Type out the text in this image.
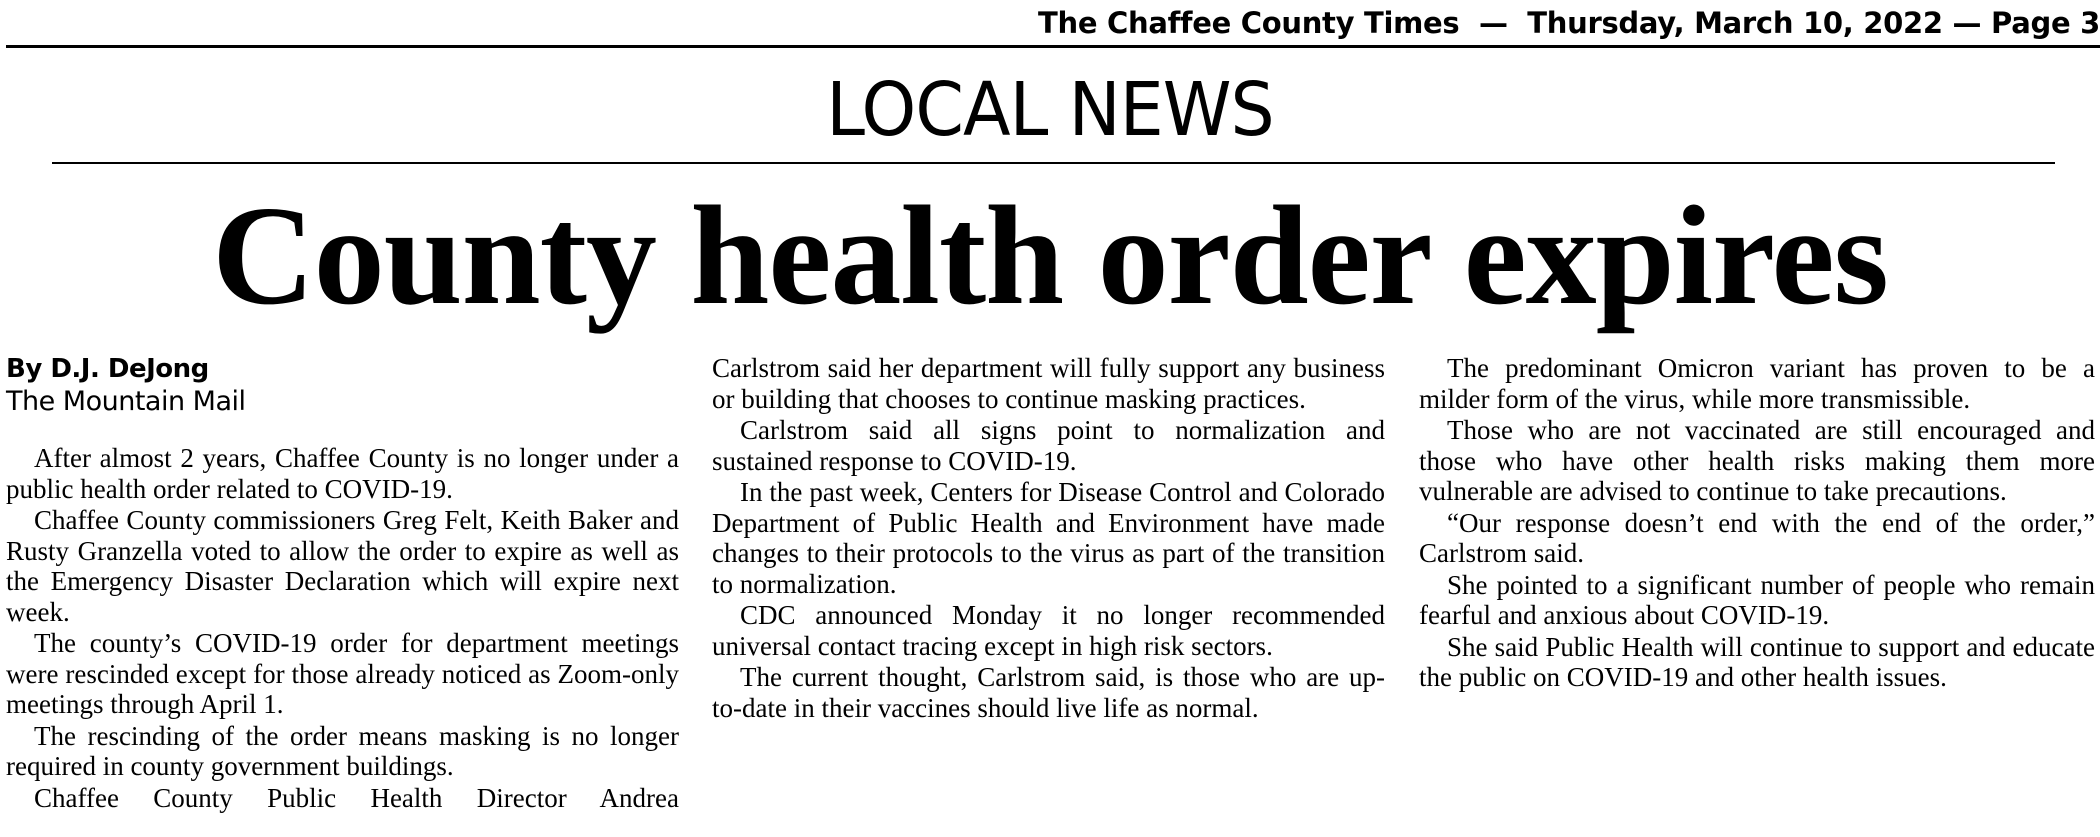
The Chaffee County Times  —  Thursday, March 10, 2022 — Page 3
LOCAL NEWS
County health order expires
By D.J. DeJong
The Mountain Mail

After almost 2 years, Chaffee County is no longer under a public health order related to COVID-19.

Chaffee County commissioners Greg Felt, Keith Baker and Rusty Granzella voted to allow the order to expire as well as the Emergency Disaster Declaration which will expire next week.

The county’s COVID-19 order for department meetings were rescinded except for those already noticed as Zoom-only meetings through April 1.

The rescinding of the order means masking is no longer required in county government buildings.

Chaffee County Public Health Director Andrea

Carlstrom said her department will fully support any business or building that chooses to continue masking practices.

Carlstrom said all signs point to normalization and sustained response to COVID-19.

In the past week, Centers for Disease Control and Colorado Department of Public Health and Environment have made changes to their protocols to the virus as part of the transition to normalization.

CDC announced Monday it no longer recommended universal contact tracing except in high risk sectors.

The current thought, Carlstrom said, is those who are up-to-date in their vaccines should live life as normal.

The predominant Omicron variant has proven to be a milder form of the virus, while more transmissible.

Those who are not vaccinated are still encouraged and those who have other health risks making them more vulnerable are advised to continue to take precautions.

“Our response doesn’t end with the end of the order,” Carlstrom said.

She pointed to a significant number of people who remain fearful and anxious about COVID-19.

She said Public Health will continue to support and educate the public on COVID-19 and other health issues.
